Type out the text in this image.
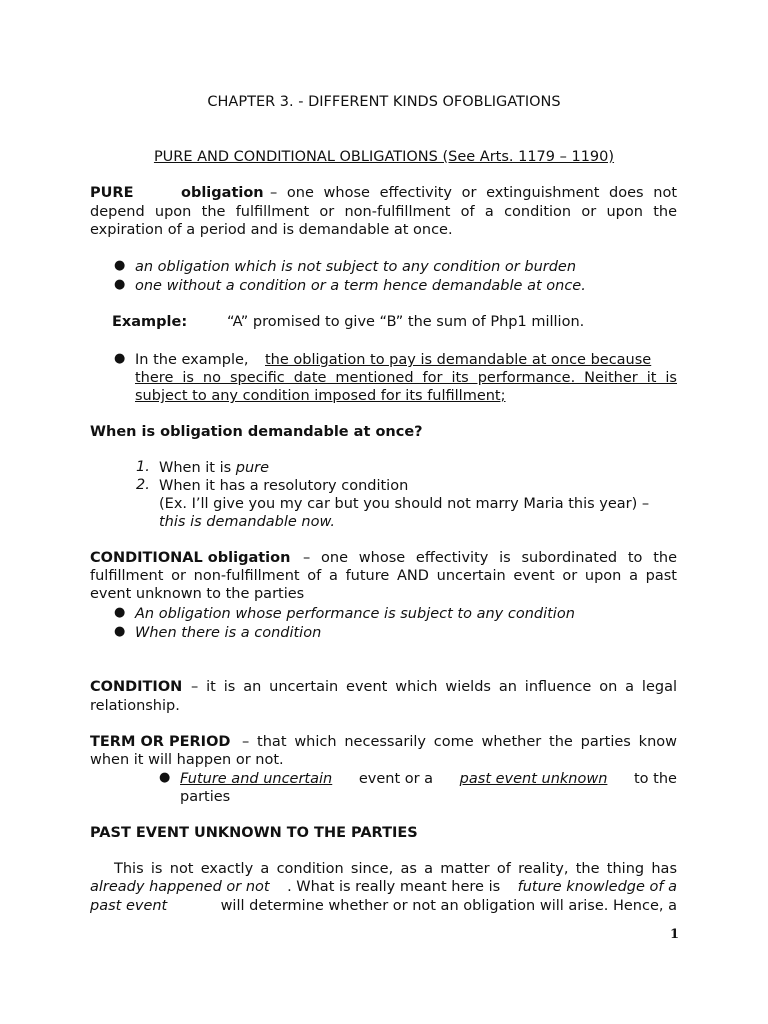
CHAPTER 3. - DIFFERENT KINDS OFOBLIGATIONS
PURE AND CONDITIONAL OBLIGATIONS (See Arts. 1179 – 1190)
PURE	obligation – one whose effectivity or extinguishment does not
depend upon the fulfillment or non-fulfillment of a condition or upon the
expiration of a period and is demandable at once.
● an obligation which is not subject to any condition or burden
● one without a condition or a term hence demandable at once.
Example:	“A” promised to give “B” the sum of Php1 million.
● In the example, the obligation to pay is demandable at once because
there is no specific date mentioned for its performance. Neither it is
subject to any condition imposed for its fulfillment;
When is obligation demandable at once?
1. When it is pure
2. When it has a resolutory condition
(Ex. I’ll give you my car but you should not marry Maria this year) –
this is demandable now.
CONDITIONAL obligation – one whose effectivity is subordinated to the
fulfillment or non-fulfillment of a future AND uncertain event or upon a past
event unknown to the parties
● An obligation whose performance is subject to any condition
● When there is a condition
CONDITION – it is an uncertain event which wields an influence on a legal
relationship.
TERM OR PERIOD – that which necessarily come whether the parties know
when it will happen or not.
● Future and uncertain event or a past event unknown to the
parties
PAST EVENT UNKNOWN TO THE PARTIES
This is not exactly a condition since, as a matter of reality, the thing has
already happened or not . What is really meant here is future knowledge of a
past event	will determine whether or not an obligation will arise. Hence, a
1
